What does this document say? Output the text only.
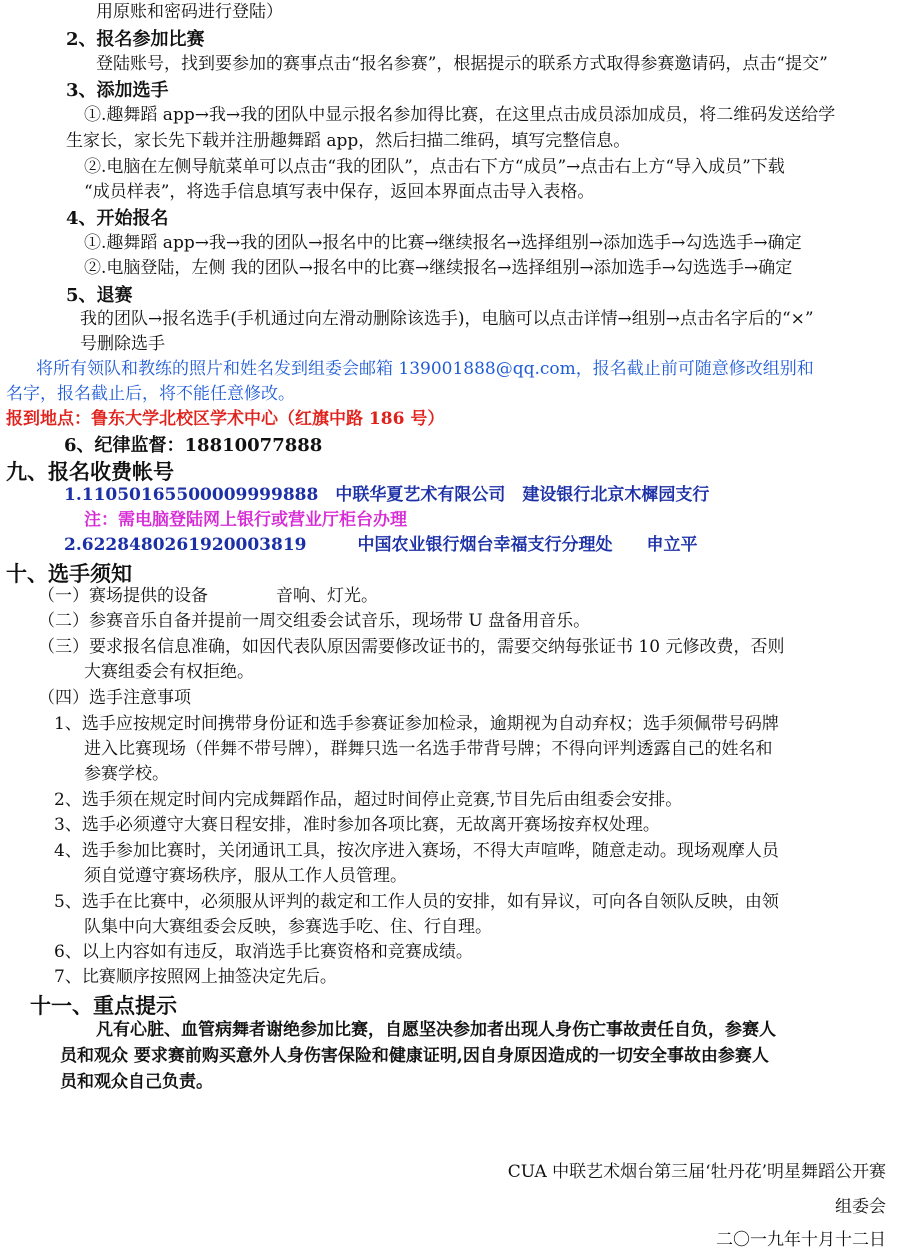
用原账和密码进行登陆）
2、报名参加比赛
登陆账号，找到要参加的赛事点击“报名参赛”，根据提示的联系方式取得参赛邀请码，点击“提交”
3、添加选手
①.趣舞蹈 app→我→我的团队中显示报名参加得比赛，在这里点击成员添加成员，将二维码发送给学
生家长，家长先下载并注册趣舞蹈 app，然后扫描二维码，填写完整信息。
②.电脑在左侧导航菜单可以点击“我的团队”，点击右下方“成员”→点击右上方“导入成员”下载
“成员样表”，将选手信息填写表中保存，返回本界面点击导入表格。
4、开始报名
①.趣舞蹈 app→我→我的团队→报名中的比赛→继续报名→选择组别→添加选手→勾选选手→确定
②.电脑登陆，左侧 我的团队→报名中的比赛→继续报名→选择组别→添加选手→勾选选手→确定
5、退赛
我的团队→报名选手(手机通过向左滑动删除该选手)，电脑可以点击详情→组别→点击名字后的“×”
号删除选手
将所有领队和教练的照片和姓名发到组委会邮箱 139001888@qq.com，报名截止前可随意修改组别和
名字，报名截止后，将不能任意修改。
报到地点：鲁东大学北校区学术中心（红旗中路 186 号）
6、纪律监督：18810077888
九、报名收费帐号
1.11050165500009999888　中联华夏艺术有限公司　建设银行北京木樨园支行
注：需电脑登陆网上银行或营业厅柜台办理
2.6228480261920003819　　　中国农业银行烟台幸福支行分理处　　申立平
十、选手须知
（一）赛场提供的设备　　　　音响、灯光。
（二）参赛音乐自备并提前一周交组委会试音乐，现场带 U 盘备用音乐。
（三）要求报名信息准确，如因代表队原因需要修改证书的，需要交纳每张证书 10 元修改费，否则
大赛组委会有权拒绝。
（四）选手注意事项
1、选手应按规定时间携带身份证和选手参赛证参加检录，逾期视为自动弃权；选手须佩带号码牌
进入比赛现场（伴舞不带号牌），群舞只选一名选手带背号牌；不得向评判透露自己的姓名和
参赛学校。
2、选手须在规定时间内完成舞蹈作品，超过时间停止竞赛,节目先后由组委会安排。
3、选手必须遵守大赛日程安排，准时参加各项比赛，无故离开赛场按弃权处理。
4、选手参加比赛时，关闭通讯工具，按次序进入赛场，不得大声喧哗，随意走动。现场观摩人员
须自觉遵守赛场秩序，服从工作人员管理。
5、选手在比赛中，必须服从评判的裁定和工作人员的安排，如有异议，可向各自领队反映，由领
队集中向大赛组委会反映，参赛选手吃、住、行自理。
6、以上内容如有违反，取消选手比赛资格和竞赛成绩。
7、比赛顺序按照网上抽签决定先后。
十一、重点提示
凡有心脏、血管病舞者谢绝参加比赛，自愿坚决参加者出现人身伤亡事故责任自负，参赛人
员和观众 要求赛前购买意外人身伤害保险和健康证明,因自身原因造成的一切安全事故由参赛人
员和观众自己负责。
CUA 中联艺术烟台第三届‘牡丹花’明星舞蹈公开赛
组委会
二〇一九年十月十二日
